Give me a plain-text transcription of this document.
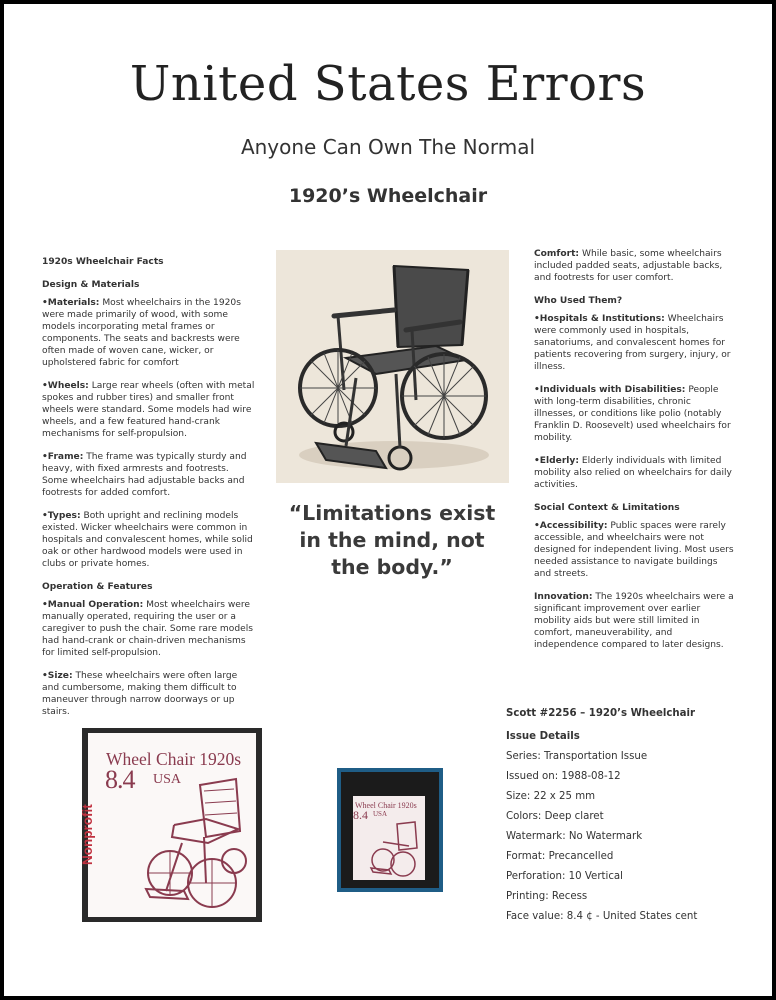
United States Errors
Anyone Can Own The Normal
1920’s Wheelchair

1920s Wheelchair Facts

Design & Materials

•Materials: Most wheelchairs in the 1920s were made primarily of wood, with some models incorporating metal frames or components. The seats and backrests were often made of woven cane, wicker, or upholstered fabric for comfort

•Wheels: Large rear wheels (often with metal spokes and rubber tires) and smaller front wheels were standard. Some models had wire wheels, and a few featured hand-crank mechanisms for self-propulsion.

•Frame: The frame was typically sturdy and heavy, with fixed armrests and footrests. Some wheelchairs had adjustable backs and footrests for added comfort.

•Types: Both upright and reclining models existed. Wicker wheelchairs were common in hospitals and convalescent homes, while solid oak or other hardwood models were used in clubs or private homes.

Operation & Features

•Manual Operation: Most wheelchairs were manually operated, requiring the user or a caregiver to push the chair. Some rare models had hand-crank or chain-driven mechanisms for limited self-propulsion.

•Size: These wheelchairs were often large and cumbersome, making them difficult to maneuver through narrow doorways or up stairs.

“Limitations exist in the mind, not the body.”

Comfort: While basic, some wheelchairs included padded seats, adjustable backs, and footrests for user comfort.

Who Used Them?

•Hospitals & Institutions: Wheelchairs were commonly used in hospitals, sanatoriums, and convalescent homes for patients recovering from surgery, injury, or illness.

•Individuals with Disabilities: People with long-term disabilities, chronic illnesses, or conditions like polio (notably Franklin D. Roosevelt) used wheelchairs for mobility.

•Elderly: Elderly individuals with limited mobility also relied on wheelchairs for daily activities.

Social Context & Limitations

•Accessibility: Public spaces were rarely accessible, and wheelchairs were not designed for independent living. Most users needed assistance to navigate buildings and streets.

Innovation: The 1920s wheelchairs were a significant improvement over earlier mobility aids but were still limited in comfort, maneuverability, and independence compared to later designs.

Wheel Chair 1920s
8.4 USA
Nonprofit	Wheel Chair 1920s
8.4 USA
Scott #2256 – 1920’s Wheelchair
Issue Details
Series: Transportation Issue
Issued on: 1988-08-12
Size: 22 x 25 mm
Colors: Deep claret
Watermark: No Watermark
Format: Precancelled
Perforation: 10 Vertical
Printing: Recess
Face value: 8.4 ¢ - United States cent
